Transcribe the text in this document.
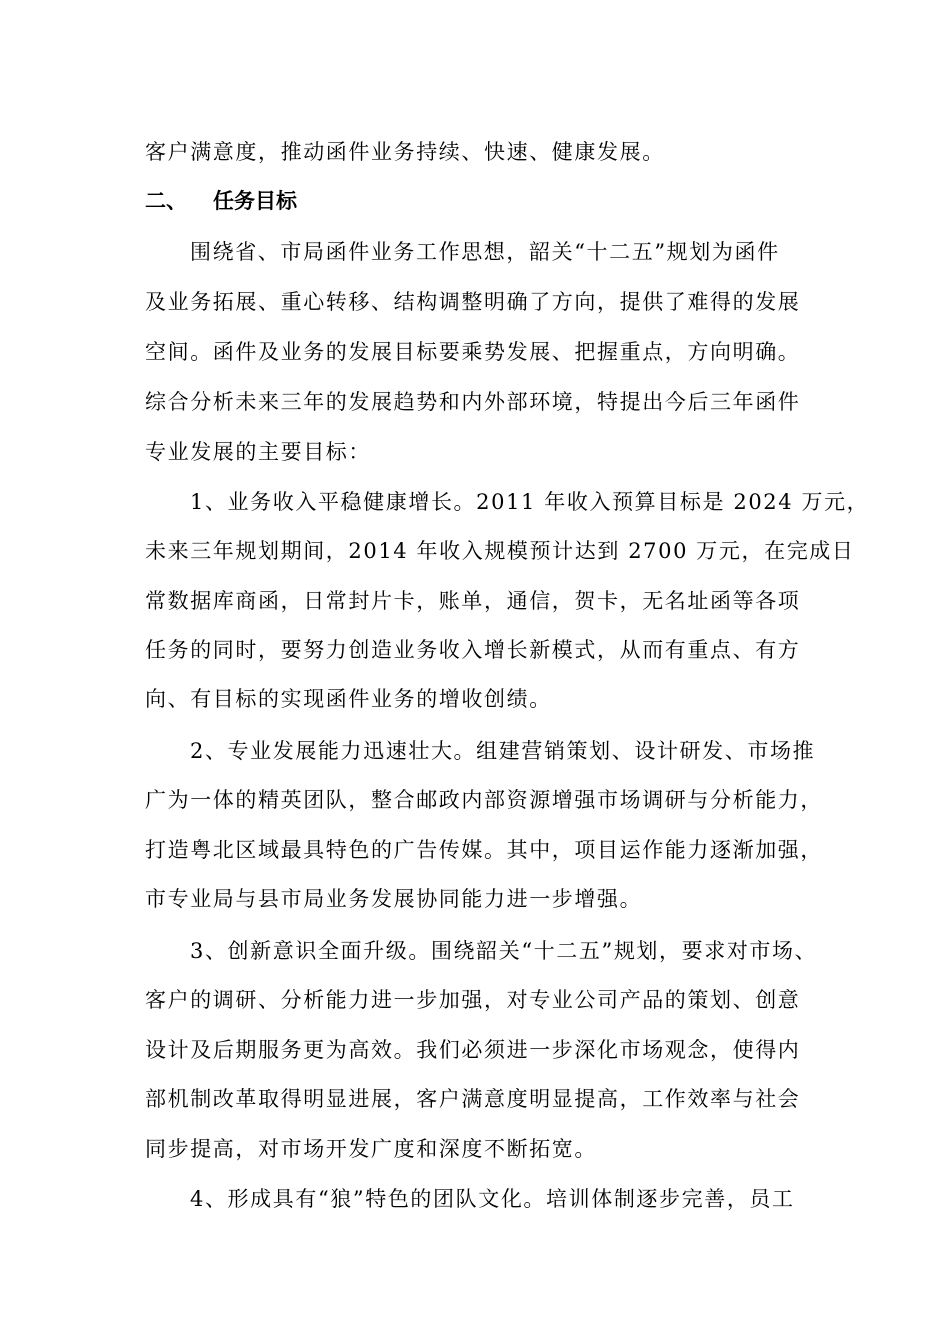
客户满意度，推动函件业务持续、快速、健康发展。
二、 任务目标
围绕省、市局函件业务工作思想，韶关“十二五”规划为函件
及业务拓展、重心转移、结构调整明确了方向，提供了难得的发展
空间。函件及业务的发展目标要乘势发展、把握重点，方向明确。
综合分析未来三年的发展趋势和内外部环境，特提出今后三年函件
专业发展的主要目标：
1、业务收入平稳健康增长。2011 年收入预算目标是 2024 万元，
未来三年规划期间，2014 年收入规模预计达到 2700 万元，在完成日
常数据库商函，日常封片卡，账单，通信，贺卡，无名址函等各项
任务的同时，要努力创造业务收入增长新模式，从而有重点、有方
向、有目标的实现函件业务的增收创绩。
2、专业发展能力迅速壮大。组建营销策划、设计研发、市场推
广为一体的精英团队，整合邮政内部资源增强市场调研与分析能力，
打造粤北区域最具特色的广告传媒。其中，项目运作能力逐渐加强，
市专业局与县市局业务发展协同能力进一步增强。
3、创新意识全面升级。围绕韶关“十二五”规划，要求对市场、
客户的调研、分析能力进一步加强，对专业公司产品的策划、创意
设计及后期服务更为高效。我们必须进一步深化市场观念，使得内
部机制改革取得明显进展，客户满意度明显提高，工作效率与社会
同步提高，对市场开发广度和深度不断拓宽。
4、形成具有“狼”特色的团队文化。培训体制逐步完善，员工
